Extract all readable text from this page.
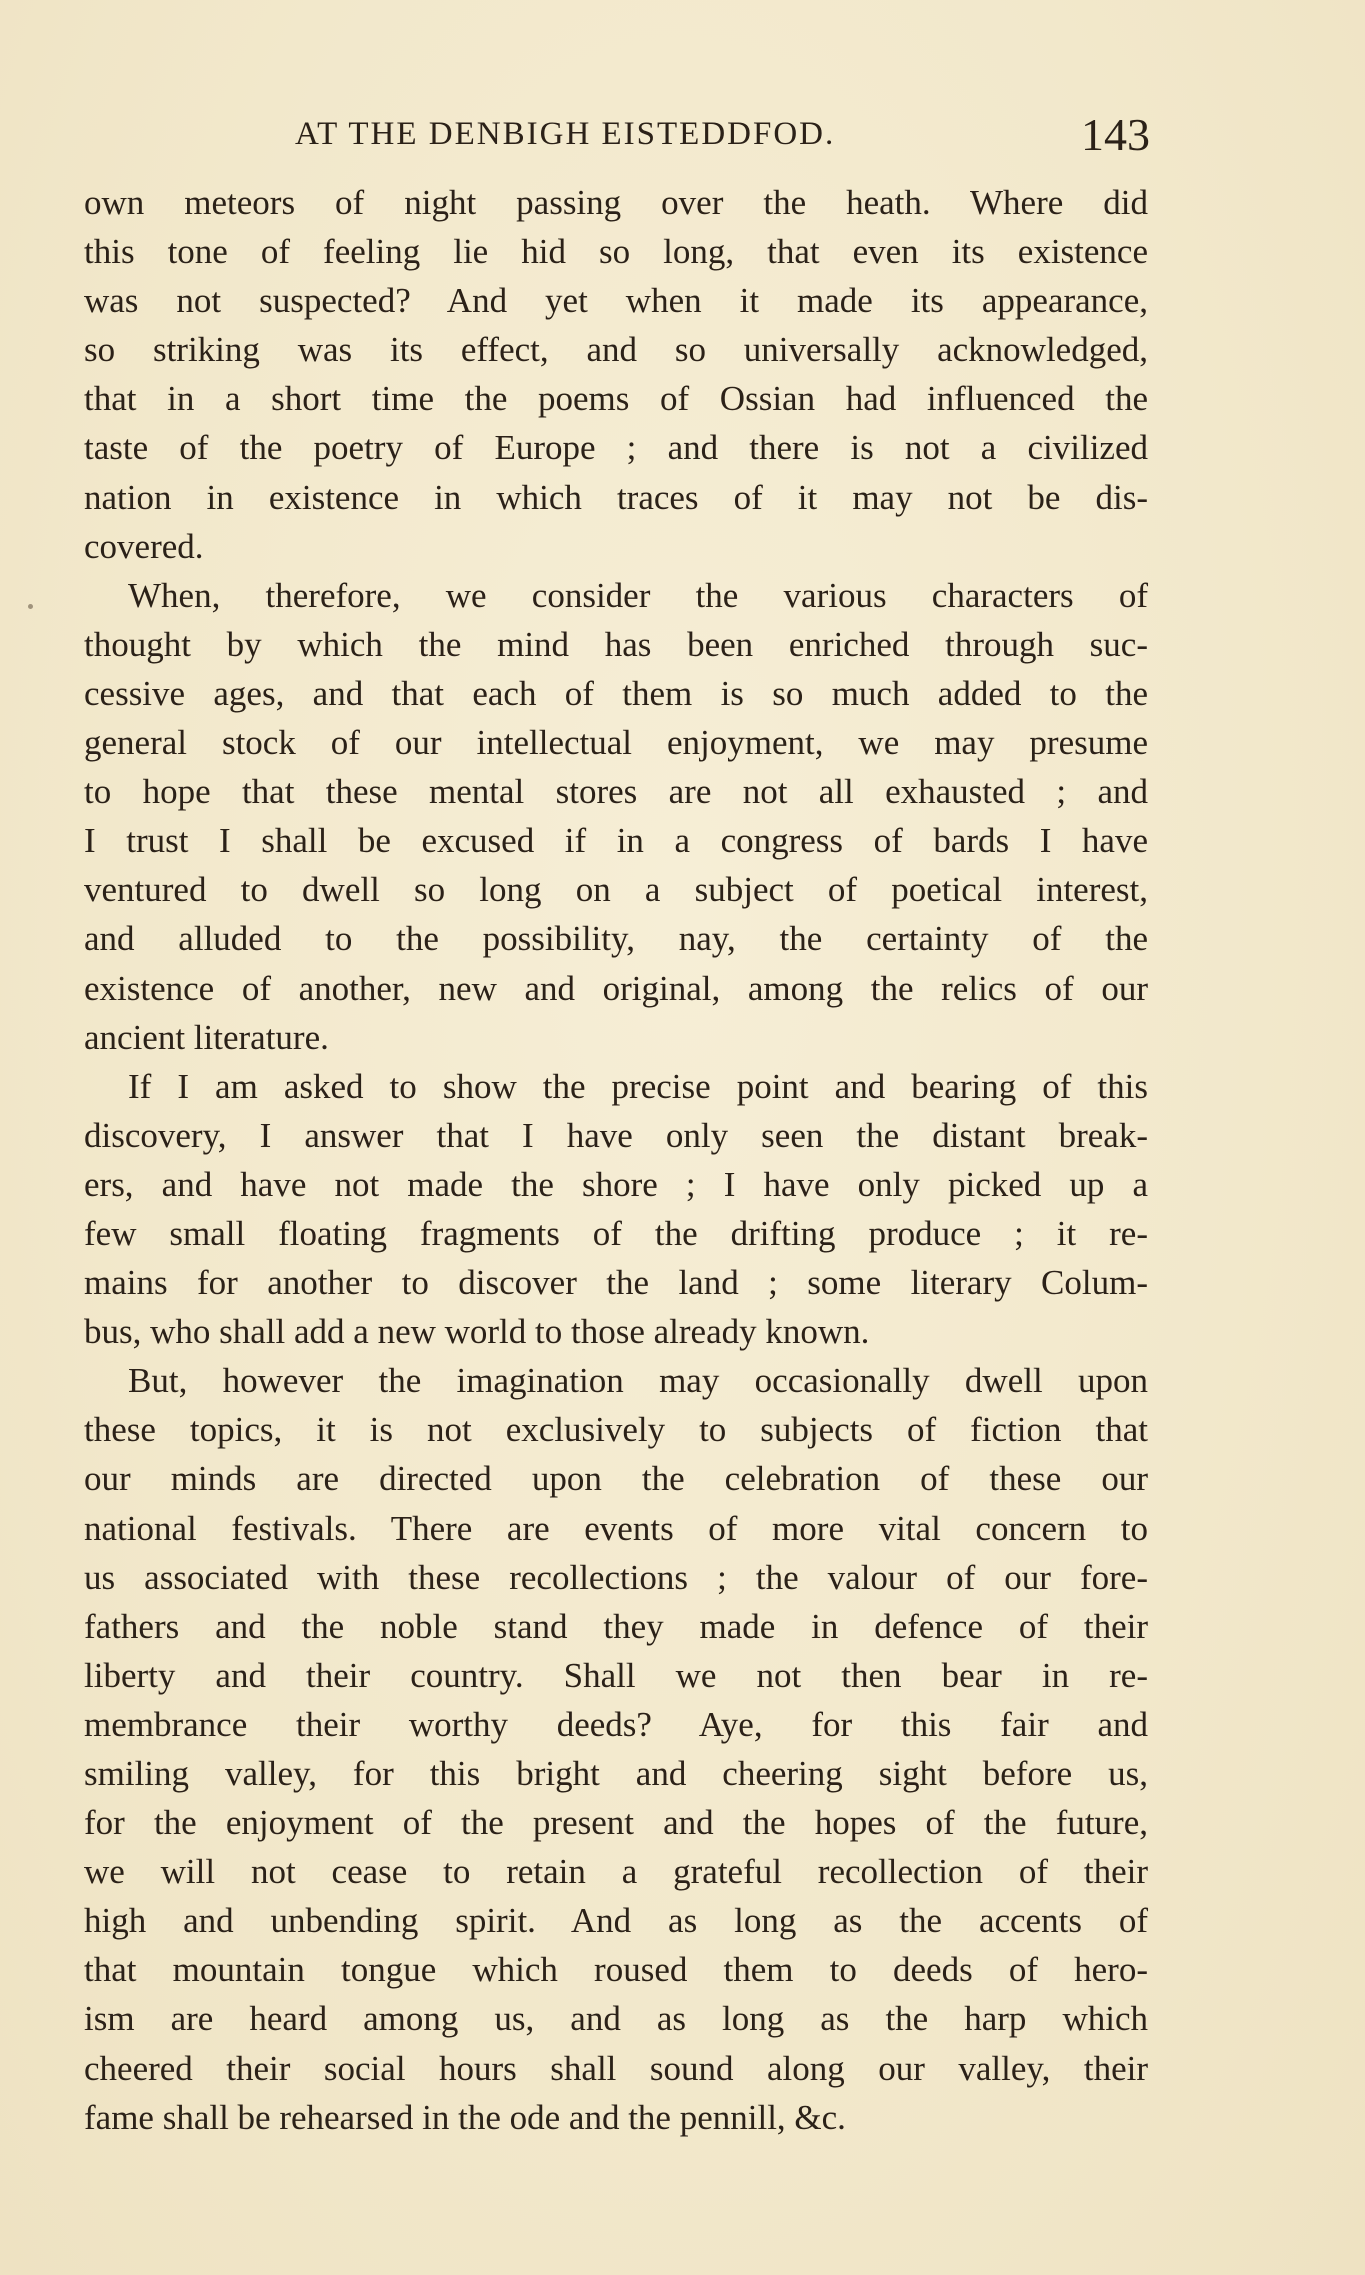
AT THE DENBIGH EISTEDDFOD.	143
own meteors of night passing over the heath. Where did
this tone of feeling lie hid so long, that even its existence
was not suspected? And yet when it made its appearance,
so striking was its effect, and so universally acknowledged,
that in a short time the poems of Ossian had influenced the
taste of the poetry of Europe ; and there is not a civilized
nation in existence in which traces of it may not be dis-
covered.
When, therefore, we consider the various characters of
thought by which the mind has been enriched through suc-
cessive ages, and that each of them is so much added to the
general stock of our intellectual enjoyment, we may presume
to hope that these mental stores are not all exhausted ; and
I trust I shall be excused if in a congress of bards I have
ventured to dwell so long on a subject of poetical interest,
and alluded to the possibility, nay, the certainty of the
existence of another, new and original, among the relics of our
ancient literature.
If I am asked to show the precise point and bearing of this
discovery, I answer that I have only seen the distant break-
ers, and have not made the shore ; I have only picked up a
few small floating fragments of the drifting produce ; it re-
mains for another to discover the land ; some literary Colum-
bus, who shall add a new world to those already known.
But, however the imagination may occasionally dwell upon
these topics, it is not exclusively to subjects of fiction that
our minds are directed upon the celebration of these our
national festivals. There are events of more vital concern to
us associated with these recollections ; the valour of our fore-
fathers and the noble stand they made in defence of their
liberty and their country. Shall we not then bear in re-
membrance their worthy deeds? Aye, for this fair and
smiling valley, for this bright and cheering sight before us,
for the enjoyment of the present and the hopes of the future,
we will not cease to retain a grateful recollection of their
high and unbending spirit. And as long as the accents of
that mountain tongue which roused them to deeds of hero-
ism are heard among us, and as long as the harp which
cheered their social hours shall sound along our valley, their
fame shall be rehearsed in the ode and the pennill, &c.
